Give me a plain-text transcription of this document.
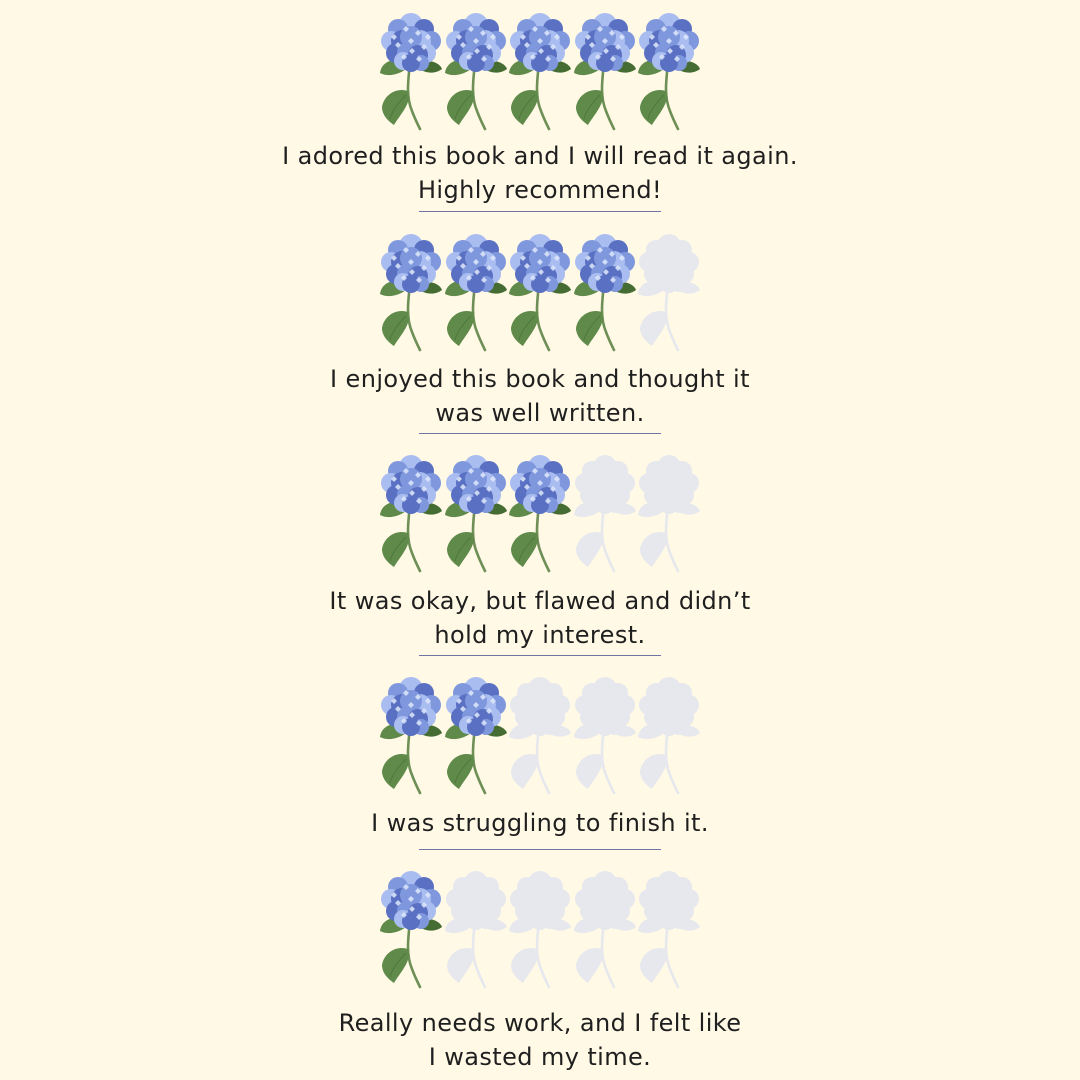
I adored this book and I will read it again.
Highly recommend!
I enjoyed this book and thought it
was well written.
It was okay, but flawed and didn’t
hold my interest.
I was struggling to finish it.
Really needs work, and I felt like
I wasted my time.
